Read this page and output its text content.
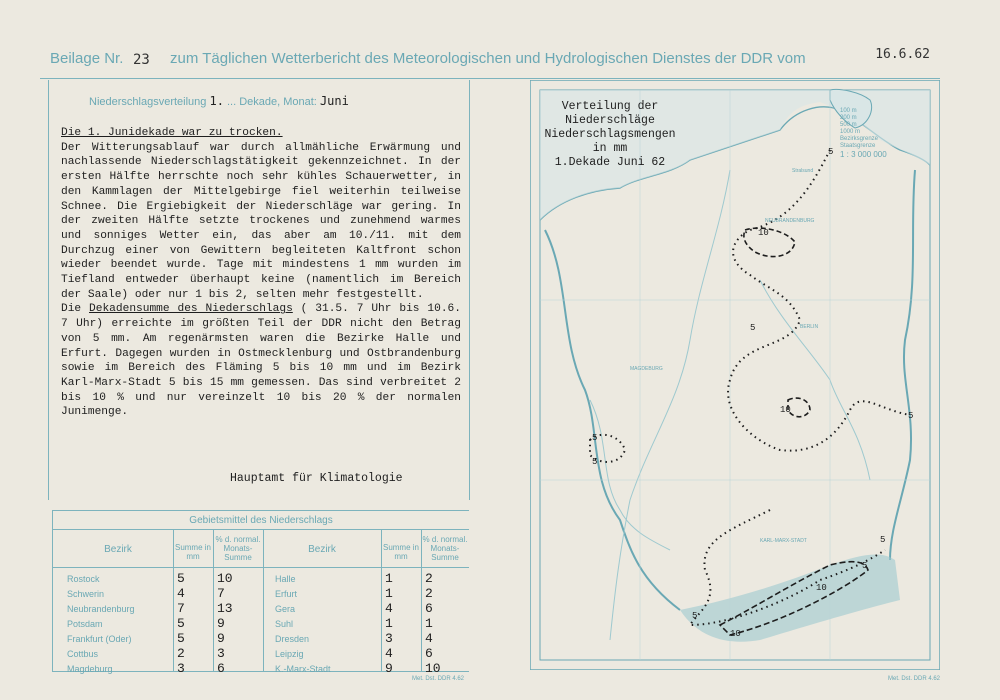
Beilage Nr. 23 zum Täglichen Wetterbericht des Meteorologischen und Hydrologischen Dienstes der DDR vom	16.6.62
Niederschlagsverteilung 1. ... Dekade, Monat: Juni

Die 1. Junidekade war zu trocken.

Der Witterungsablauf war durch allmähliche Erwärmung und nachlassende Niederschlagstätigkeit gekennzeichnet. In der ersten Hälfte herrschte noch sehr kühles Schauerwetter, in den Kammlagen der Mittelgebirge fiel weiterhin teilweise Schnee. Die Ergiebigkeit der Niederschläge war gering. In der zweiten Hälfte setzte trockenes und zunehmend warmes und sonniges Wetter ein, das aber am 10./11. mit dem Durchzug einer von Gewittern begleiteten Kaltfront schon wieder beendet wurde. Tage mit mindestens 1 mm wurden im Tiefland entweder überhaupt keine (namentlich im Bereich der Saale) oder nur 1 bis 2, selten mehr festgestellt.

Die Dekadensumme des Niederschlags ( 31.5. 7 Uhr bis 10.6. 7 Uhr) erreichte im größten Teil der DDR nicht den Betrag von 5 mm. Am regenärmsten waren die Bezirke Halle und Erfurt. Dagegen wurden in Ostmecklenburg und Ostbrandenburg sowie im Bereich des Fläming 5 bis 10 mm und im Bezirk Karl-Marx-Stadt 5 bis 15 mm gemessen. Das sind verbreitet 2 bis 10 % und nur vereinzelt 10 bis 20 % der normalen Junimenge.

Hauptamt für Klimatologie
Gebietsmittel des Niederschlags
Bezirk	Summe in mm
% d. normal. Monats-Summe
Bezirk	Summe in mm
% d. normal. Monats-Summe
Rostock	5 10
Schwerin	4 7
Neubrandenburg	7 13
Potsdam	5 9
Frankfurt (Oder)	5 9
Cottbus	2 3
Magdeburg	3 6
Halle	1 2
Erfurt	1 2
Gera	4 6
Suhl	1 1
Dresden	3 4
Leipzig	4 6
K.-Marx-Stadt	9 10
Met. Dst. DDR 4.62	Met. Dst. DDR 4.62
5
10
5
10
5
5
5
10
5
5
10
5
NEUBRANDENBURG
BERLIN
MAGDEBURG
KARL-MARX-STADT
Stralsund
Verteilung der
Niederschläge
Niederschlagsmengen
in mm
1.Dekade Juni 62
100 m
200 m
500 m
1000 m
Bezirksgrenze
Staatsgrenze
1 : 3 000 000
